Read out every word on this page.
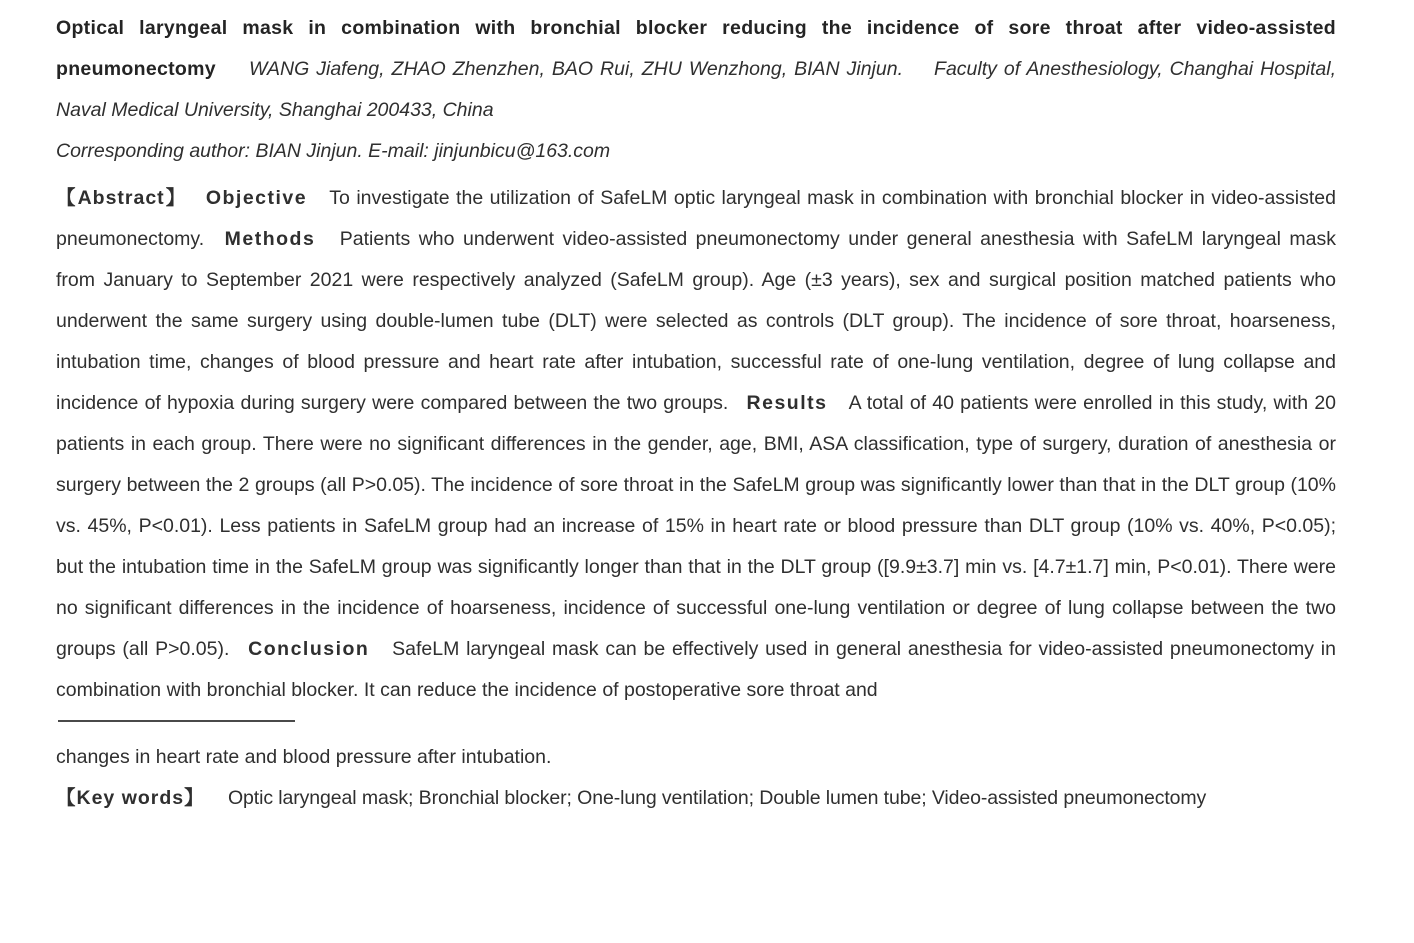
Optical laryngeal mask in combination with bronchial blocker reducing the incidence of sore throat after video-assisted pneumonectomy WANG Jiafeng, ZHAO Zhenzhen, BAO Rui, ZHU Wenzhong, BIAN Jinjun. Faculty of Anesthesiology, Changhai Hospital, Naval Medical University, Shanghai 200433, China

Corresponding author: BIAN Jinjun. E-mail: jinjunbicu@163.com

【Abstract】 Objective To investigate the utilization of SafeLM optic laryngeal mask in combination with bronchial blocker in video-assisted pneumonectomy. Methods Patients who underwent video-assisted pneumonectomy under general anesthesia with SafeLM laryngeal mask from January to September 2021 were respectively analyzed (SafeLM group). Age (±3 years), sex and surgical position matched patients who underwent the same surgery using double-lumen tube (DLT) were selected as controls (DLT group). The incidence of sore throat, hoarseness, intubation time, changes of blood pressure and heart rate after intubation, successful rate of one-lung ventilation, degree of lung collapse and incidence of hypoxia during surgery were compared between the two groups. Results A total of 40 patients were enrolled in this study, with 20 patients in each group. There were no significant differences in the gender, age, BMI, ASA classification, type of surgery, duration of anesthesia or surgery between the 2 groups (all P>0.05). The incidence of sore throat in the SafeLM group was significantly lower than that in the DLT group (10% vs. 45%, P<0.01). Less patients in SafeLM group had an increase of 15% in heart rate or blood pressure than DLT group (10% vs. 40%, P<0.05); but the intubation time in the SafeLM group was significantly longer than that in the DLT group ([9.9±3.7] min vs. [4.7±1.7] min, P<0.01). There were no significant differences in the incidence of hoarseness, incidence of successful one-lung ventilation or degree of lung collapse between the two groups (all P>0.05). Conclusion SafeLM laryngeal mask can be effectively used in general anesthesia for video-assisted pneumonectomy in combination with bronchial blocker. It can reduce the incidence of postoperative sore throat and

changes in heart rate and blood pressure after intubation.

【Key words】 Optic laryngeal mask; Bronchial blocker; One-lung ventilation; Double lumen tube; Video-assisted pneumonectomy
